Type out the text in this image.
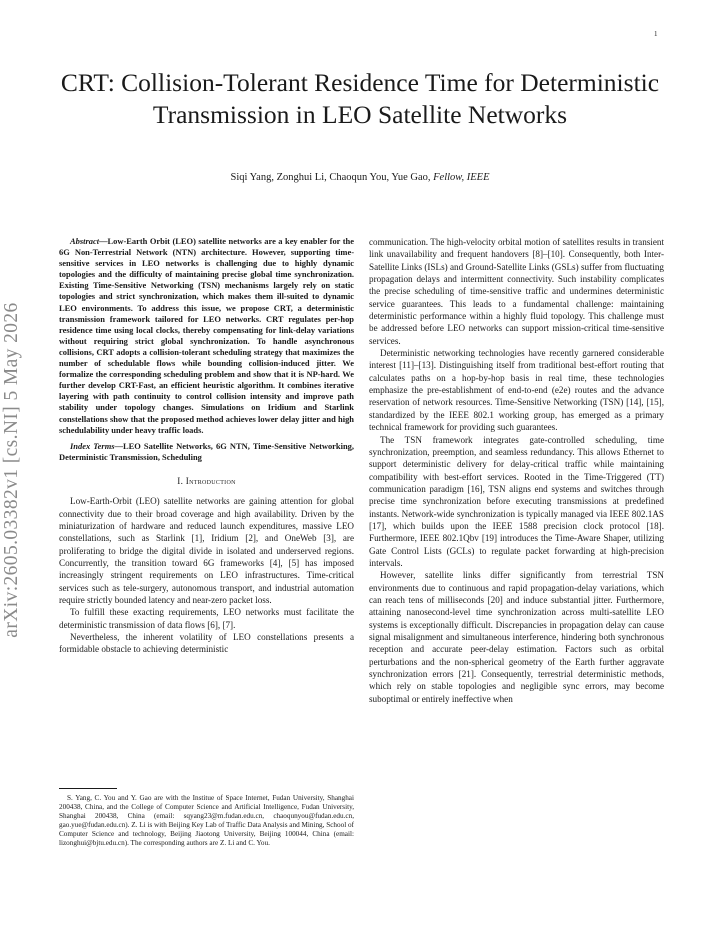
1
arXiv:2605.03382v1 [cs.NI] 5 May 2026
CRT: Collision-Tolerant Residence Time for Deterministic Transmission in LEO Satellite Networks
Siqi Yang, Zonghui Li, Chaoqun You, Yue Gao, Fellow, IEEE

Abstract—Low-Earth Orbit (LEO) satellite networks are a key enabler for the 6G Non-Terrestrial Network (NTN) architecture. However, supporting time-sensitive services in LEO networks is challenging due to highly dynamic topologies and the difficulty of maintaining precise global time synchronization. Existing Time-Sensitive Networking (TSN) mechanisms largely rely on static topologies and strict synchronization, which makes them ill-suited to dynamic LEO environments. To address this issue, we propose CRT, a deterministic transmission framework tailored for LEO networks. CRT regulates per-hop residence time using local clocks, thereby compensating for link-delay variations without requiring strict global synchronization. To handle asynchronous collisions, CRT adopts a collision-tolerant scheduling strategy that maximizes the number of schedulable flows while bounding collision-induced jitter. We formalize the corresponding scheduling problem and show that it is NP-hard. We further develop CRT-Fast, an efficient heuristic algorithm. It combines iterative layering with path continuity to control collision intensity and improve path stability under topology changes. Simulations on Iridium and Starlink constellations show that the proposed method achieves lower delay jitter and high schedulability under heavy traffic loads.

Index Terms—LEO Satellite Networks, 6G NTN, Time-Sensitive Networking, Deterministic Transmission, Scheduling

I. Introduction

Low-Earth-Orbit (LEO) satellite networks are gaining attention for global connectivity due to their broad coverage and high availability. Driven by the miniaturization of hardware and reduced launch expenditures, massive LEO constellations, such as Starlink [1], Iridium [2], and OneWeb [3], are proliferating to bridge the digital divide in isolated and underserved regions. Concurrently, the transition toward 6G frameworks [4], [5] has imposed increasingly stringent requirements on LEO infrastructures. Time-critical services such as tele-surgery, autonomous transport, and industrial automation require strictly bounded latency and near-zero packet loss.

To fulfill these exacting requirements, LEO networks must facilitate the deterministic transmission of data flows [6], [7].

Nevertheless, the inherent volatility of LEO constellations presents a formidable obstacle to achieving deterministic

S. Yang, C. You and Y. Gao are with the Institue of Space Internet, Fudan University, Shanghai 200438, China, and the College of Computer Science and Artificial Intelligence, Fudan University, Shanghai 200438, China (email: sqyang23@m.fudan.edu.cn, chaoqunyou@fudan.edu.cn, gao.yue@fudan.edu.cn). Z. Li is with Beijing Key Lab of Traffic Data Analysis and Mining, School of Computer Science and technology, Beijing Jiaotong University, Beijing 100044, China (email: lizonghui@bjtu.edu.cn). The corresponding authors are Z. Li and C. You.

communication. The high-velocity orbital motion of satellites results in transient link unavailability and frequent handovers [8]–[10]. Consequently, both Inter-Satellite Links (ISLs) and Ground-Satellite Links (GSLs) suffer from fluctuating propagation delays and intermittent connectivity. Such instability complicates the precise scheduling of time-sensitive traffic and undermines deterministic service guarantees. This leads to a fundamental challenge: maintaining deterministic performance within a highly fluid topology. This challenge must be addressed before LEO networks can support mission-critical time-sensitive services.

Deterministic networking technologies have recently garnered considerable interest [11]–[13]. Distinguishing itself from traditional best-effort routing that calculates paths on a hop-by-hop basis in real time, these technologies emphasize the pre-establishment of end-to-end (e2e) routes and the advance reservation of network resources. Time-Sensitive Networking (TSN) [14], [15], standardized by the IEEE 802.1 working group, has emerged as a primary technical framework for providing such guarantees.

The TSN framework integrates gate-controlled scheduling, time synchronization, preemption, and seamless redundancy. This allows Ethernet to support deterministic delivery for delay-critical traffic while maintaining compatibility with best-effort services. Rooted in the Time-Triggered (TT) communication paradigm [16], TSN aligns end systems and switches through precise time synchronization before executing transmissions at predefined instants. Network-wide synchronization is typically managed via IEEE 802.1AS [17], which builds upon the IEEE 1588 precision clock protocol [18]. Furthermore, IEEE 802.1Qbv [19] introduces the Time-Aware Shaper, utilizing Gate Control Lists (GCLs) to regulate packet forwarding at high-precision intervals.

However, satellite links differ significantly from terrestrial TSN environments due to continuous and rapid propagation-delay variations, which can reach tens of milliseconds [20] and induce substantial jitter. Furthermore, attaining nanosecond-level time synchronization across multi-satellite LEO systems is exceptionally difficult. Discrepancies in propagation delay can cause signal misalignment and simultaneous interference, hindering both synchronous reception and accurate peer-delay estimation. Factors such as orbital perturbations and the non-spherical geometry of the Earth further aggravate synchronization errors [21]. Consequently, terrestrial deterministic methods, which rely on stable topologies and negligible sync errors, may become suboptimal or entirely ineffective when
